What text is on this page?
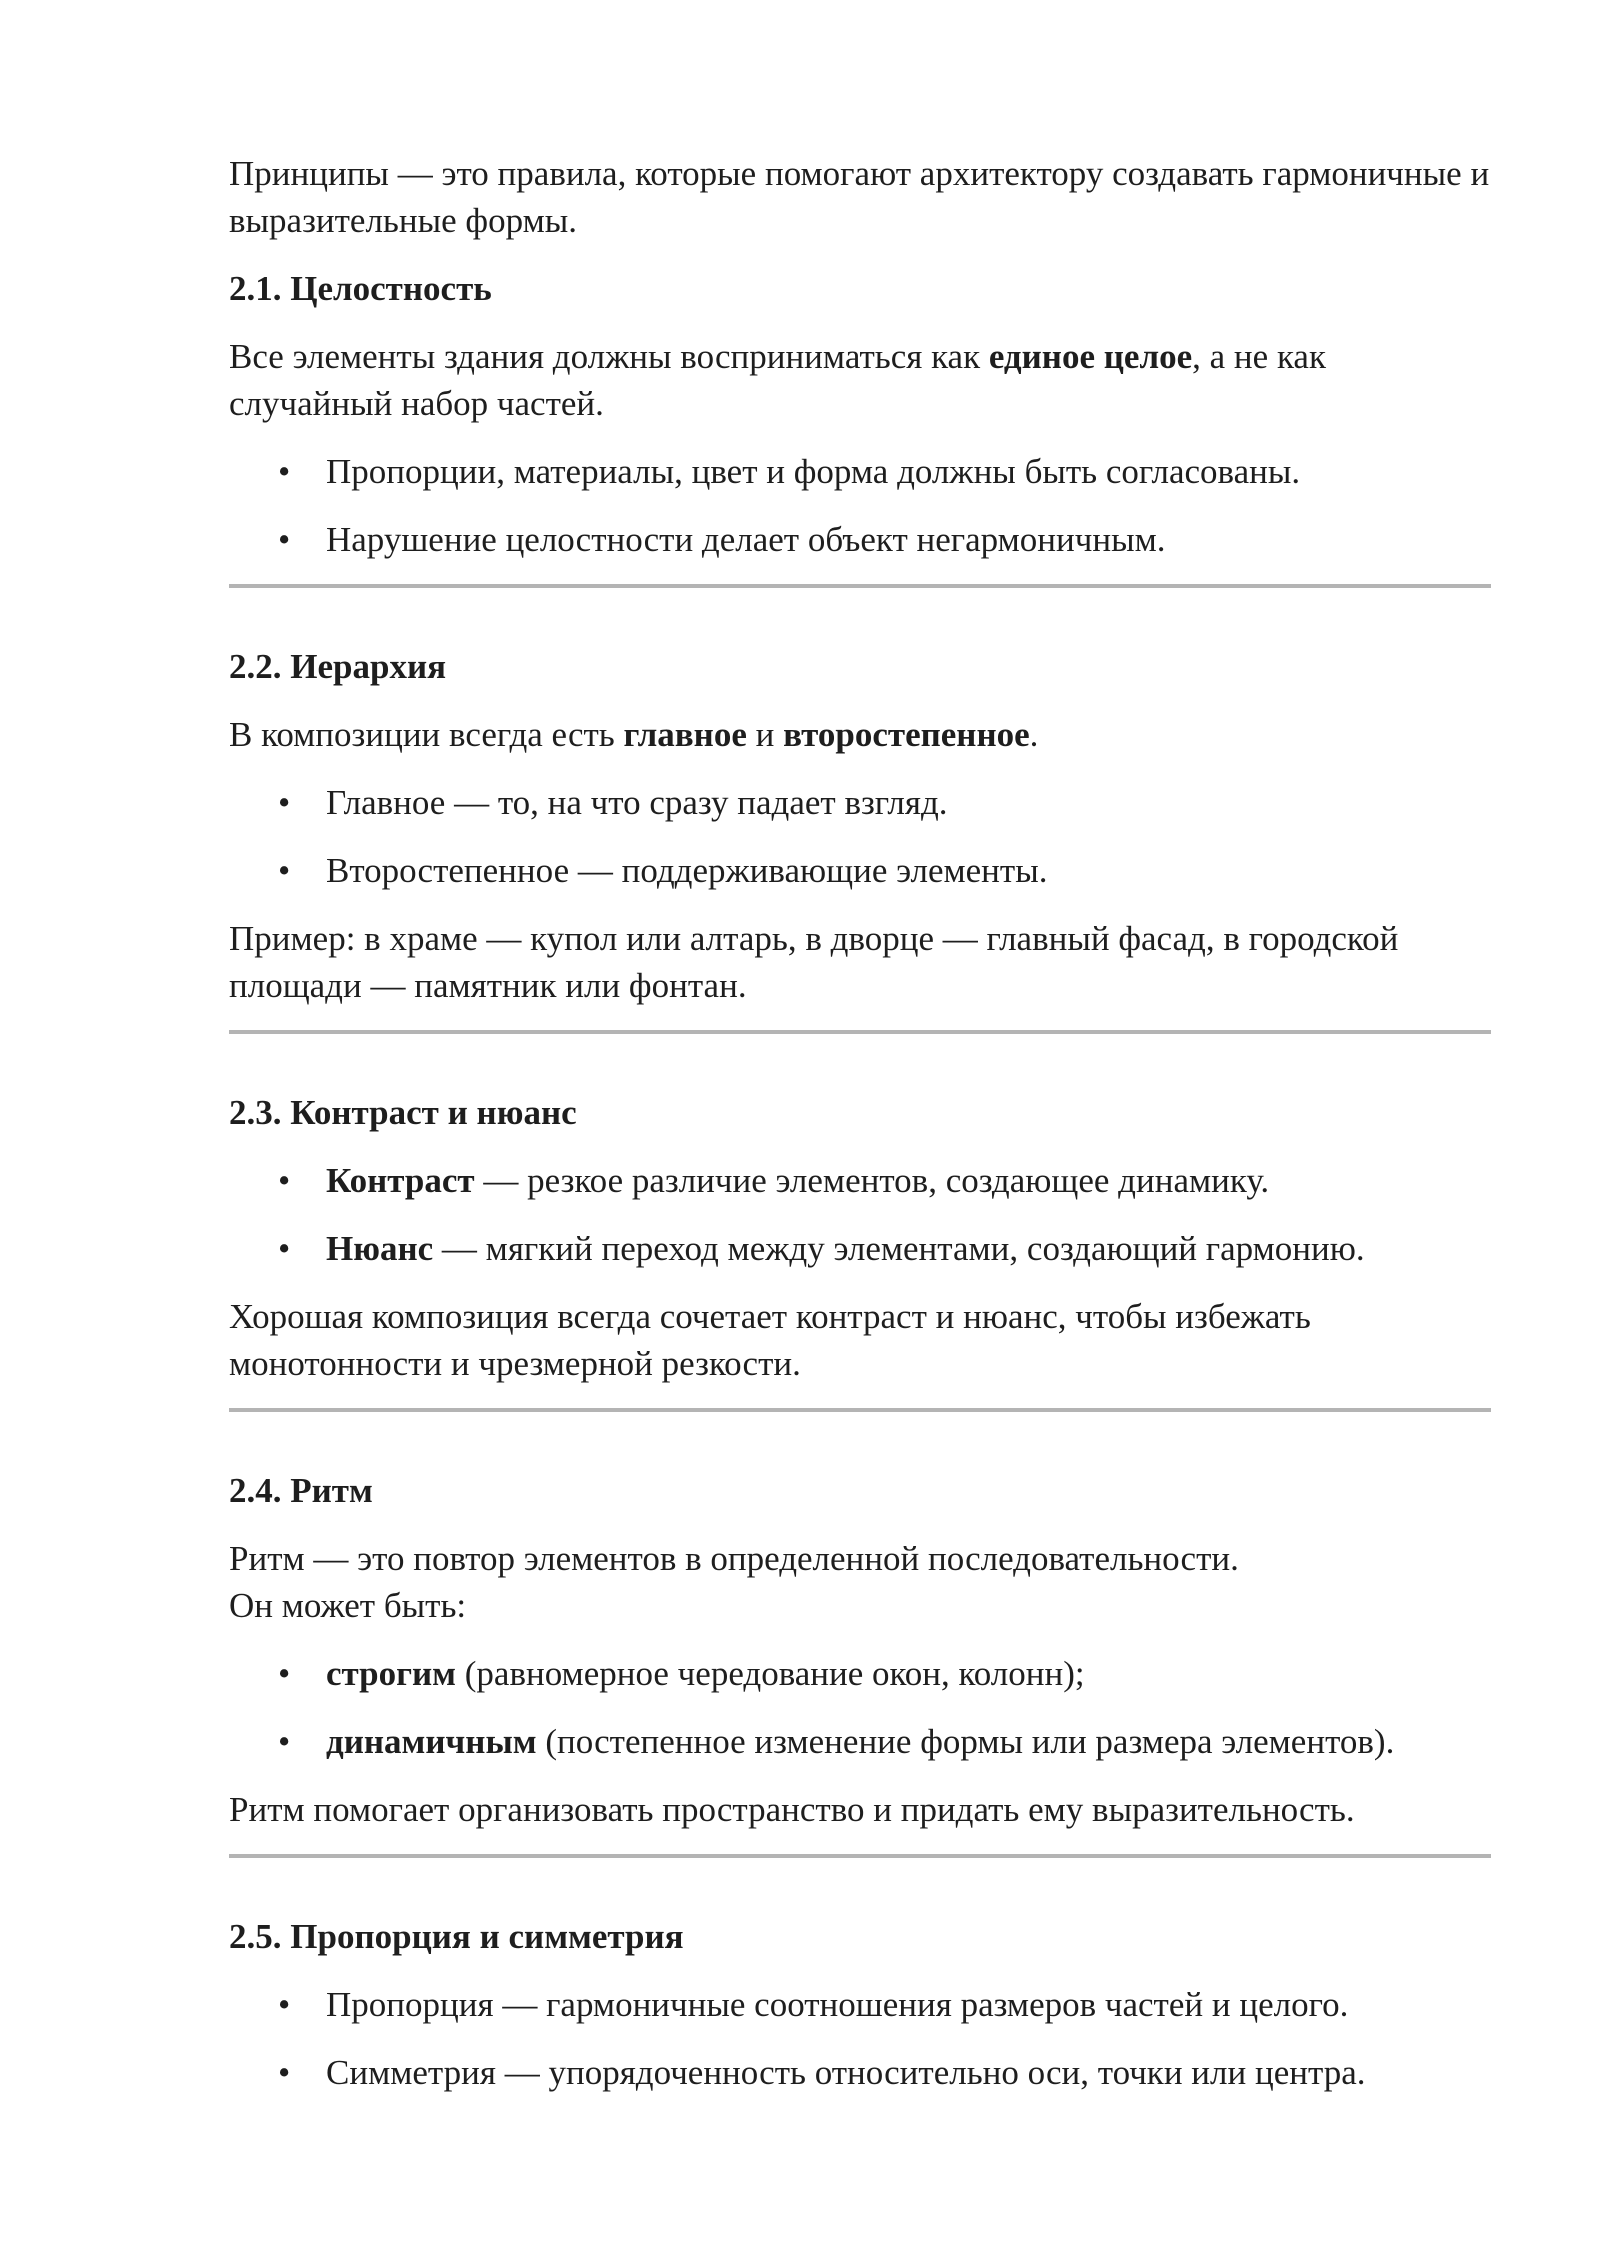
Принципы — это правила, которые помогают архитектору создавать гармоничные и выразительные формы.

2.1. Целостность

Все элементы здания должны восприниматься как единое целое, а не как случайный набор частей.

• Пропорции, материалы, цвет и форма должны быть согласованы.
• Нарушение целостности делает объект негармоничным.
2.2. Иерархия

В композиции всегда есть главное и второстепенное.

• Главное — то, на что сразу падает взгляд.
• Второстепенное — поддерживающие элементы.

Пример: в храме — купол или алтарь, в дворце — главный фасад, в городской площади — памятник или фонтан.

2.3. Контраст и нюанс
• Контраст — резкое различие элементов, создающее динамику.
• Нюанс — мягкий переход между элементами, создающий гармонию.

Хорошая композиция всегда сочетает контраст и нюанс, чтобы избежать монотонности и чрезмерной резкости.

2.4. Ритм

Ритм — это повтор элементов в определенной последовательности.
Он может быть:

• строгим (равномерное чередование окон, колонн);
• динамичным (постепенное изменение формы или размера элементов).

Ритм помогает организовать пространство и придать ему выразительность.

2.5. Пропорция и симметрия
• Пропорция — гармоничные соотношения размеров частей и целого.
• Симметрия — упорядоченность относительно оси, точки или центра.
